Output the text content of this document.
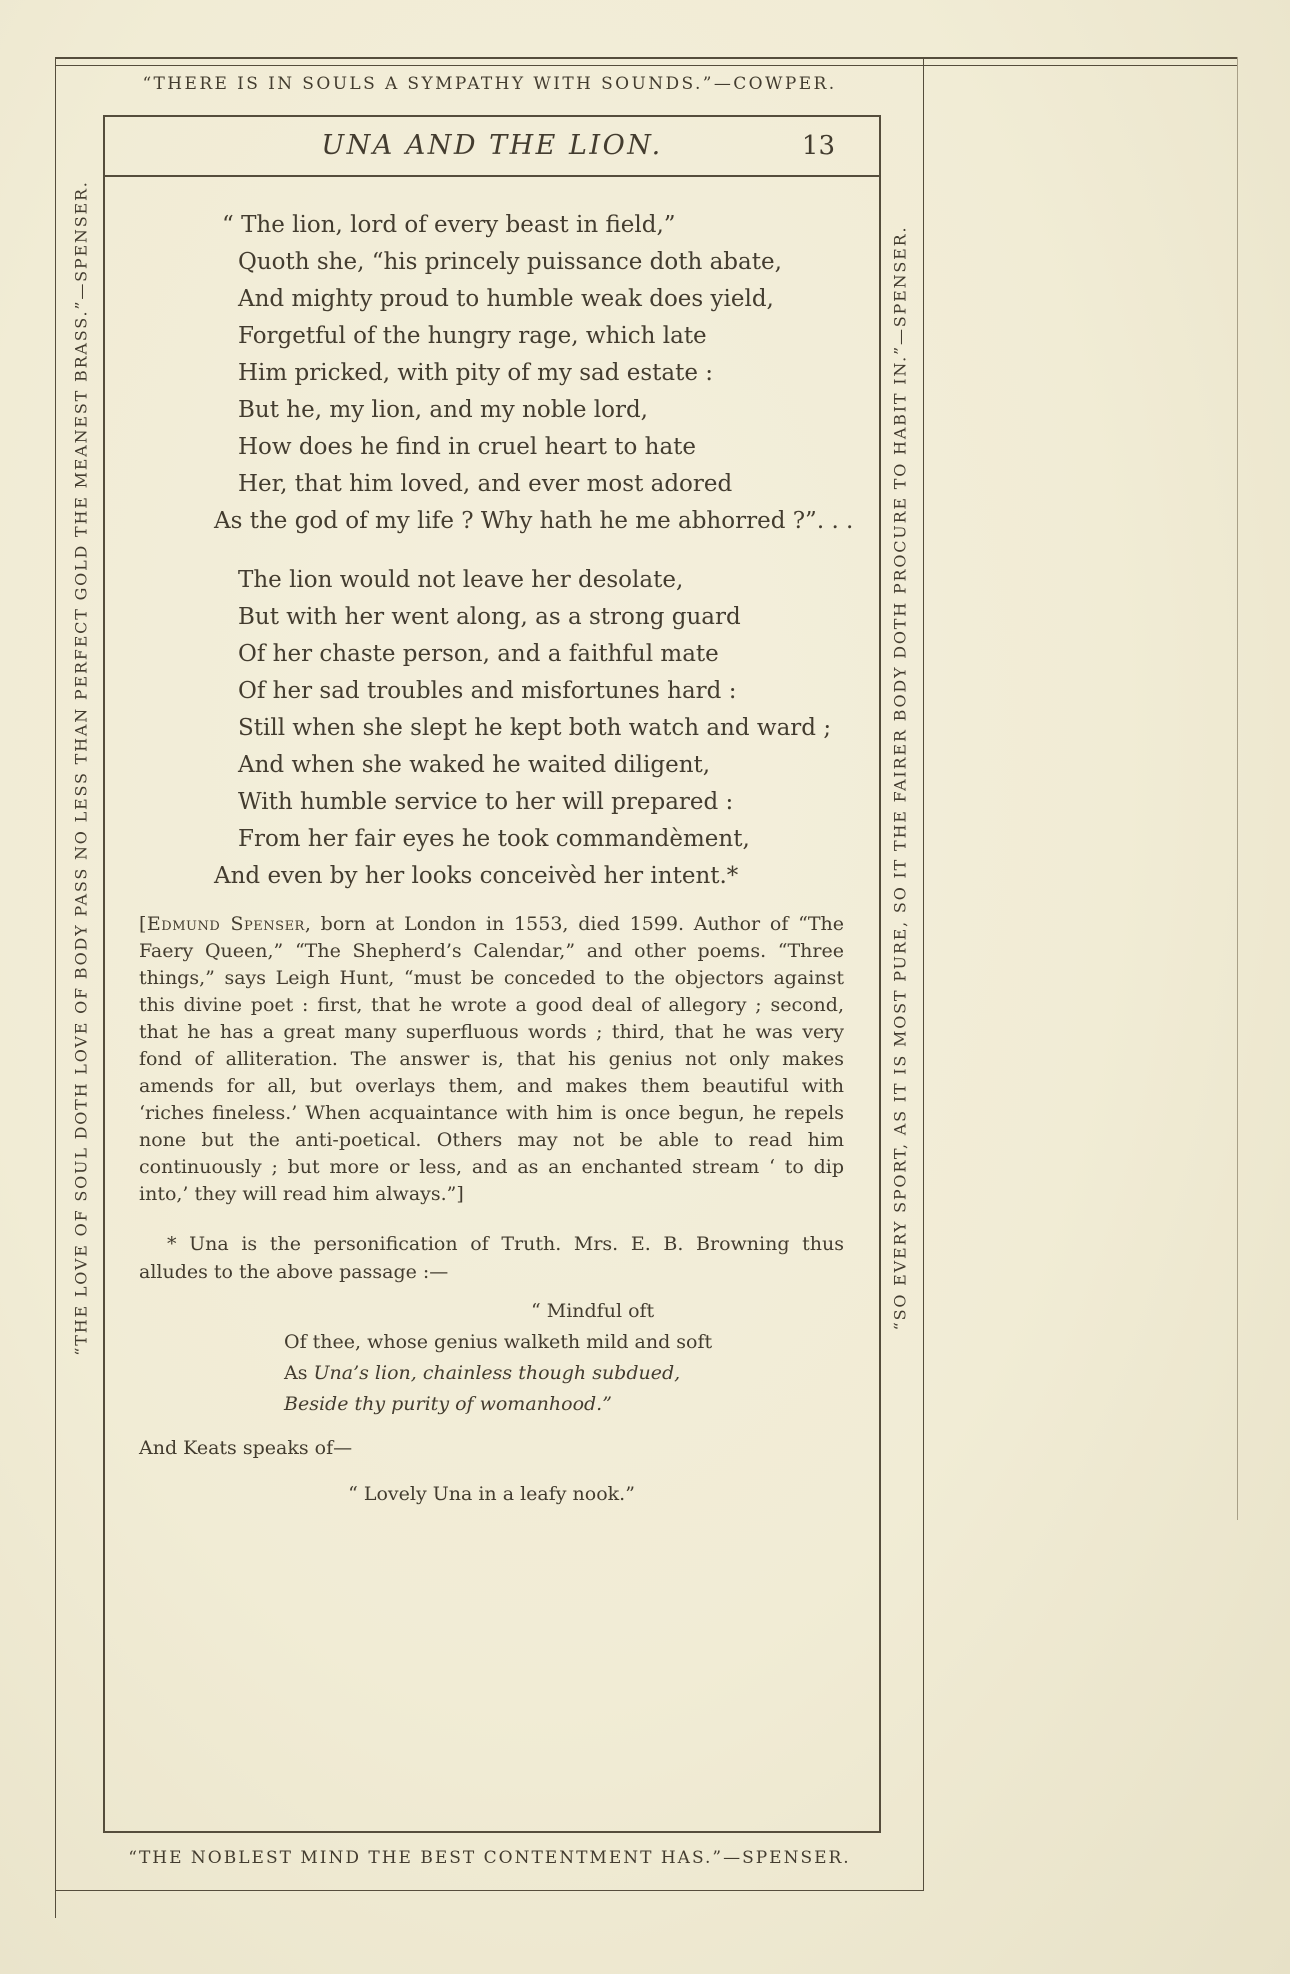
“THERE IS IN SOULS A SYMPATHY WITH SOUNDS.”—COWPER.
“THE NOBLEST MIND THE BEST CONTENTMENT HAS.”—SPENSER.
“THE LOVE OF SOUL DOTH LOVE OF BODY PASS NO LESS THAN PERFECT GOLD THE MEANEST BRASS.”—SPENSER.	“SO EVERY SPORT, AS IT IS MOST PURE, SO IT THE FAIRER BODY DOTH PROCURE TO HABIT IN.”—SPENSER.
UNA AND THE LION.	13
“ The lion, lord of every beast in field,”
Quoth she, “his princely puissance doth abate,
And mighty proud to humble weak does yield,
Forgetful of the hungry rage, which late
Him pricked, with pity of my sad estate :
But he, my lion, and my noble lord,
How does he find in cruel heart to hate
Her, that him loved, and ever most adored
As the god of my life ? Why hath he me abhorred ?”. . .
The lion would not leave her desolate,
But with her went along, as a strong guard
Of her chaste person, and a faithful mate
Of her sad troubles and misfortunes hard :
Still when she slept he kept both watch and ward ;
And when she waked he waited diligent,
With humble service to her will prepared :
From her fair eyes he took commandèment,
And even by her looks conceivèd her intent.*

[Edmund Spenser, born at London in 1553, died 1599. Author of “The Faery Queen,” “The Shepherd’s Calendar,” and other poems. “Three things,” says Leigh Hunt, “must be conceded to the objectors against this divine poet : first, that he wrote a good deal of allegory ; second, that he has a great many superfluous words ; third, that he was very fond of alliteration. The answer is, that his genius not only makes amends for all, but overlays them, and makes them beautiful with ‘riches fineless.’ When acquaintance with him is once begun, he repels none but the anti-poetical. Others may not be able to read him continuously ; but more or less, and as an enchanted stream ‘ to dip into,’ they will read him always.”]

* Una is the personification of Truth. Mrs. E. B. Browning thus alludes to the above passage :—

“ Mindful oft
Of thee, whose genius walketh mild and soft
As Una’s lion, chainless though subdued,
Beside thy purity of womanhood.”
And Keats speaks of—
“ Lovely Una in a leafy nook.”
